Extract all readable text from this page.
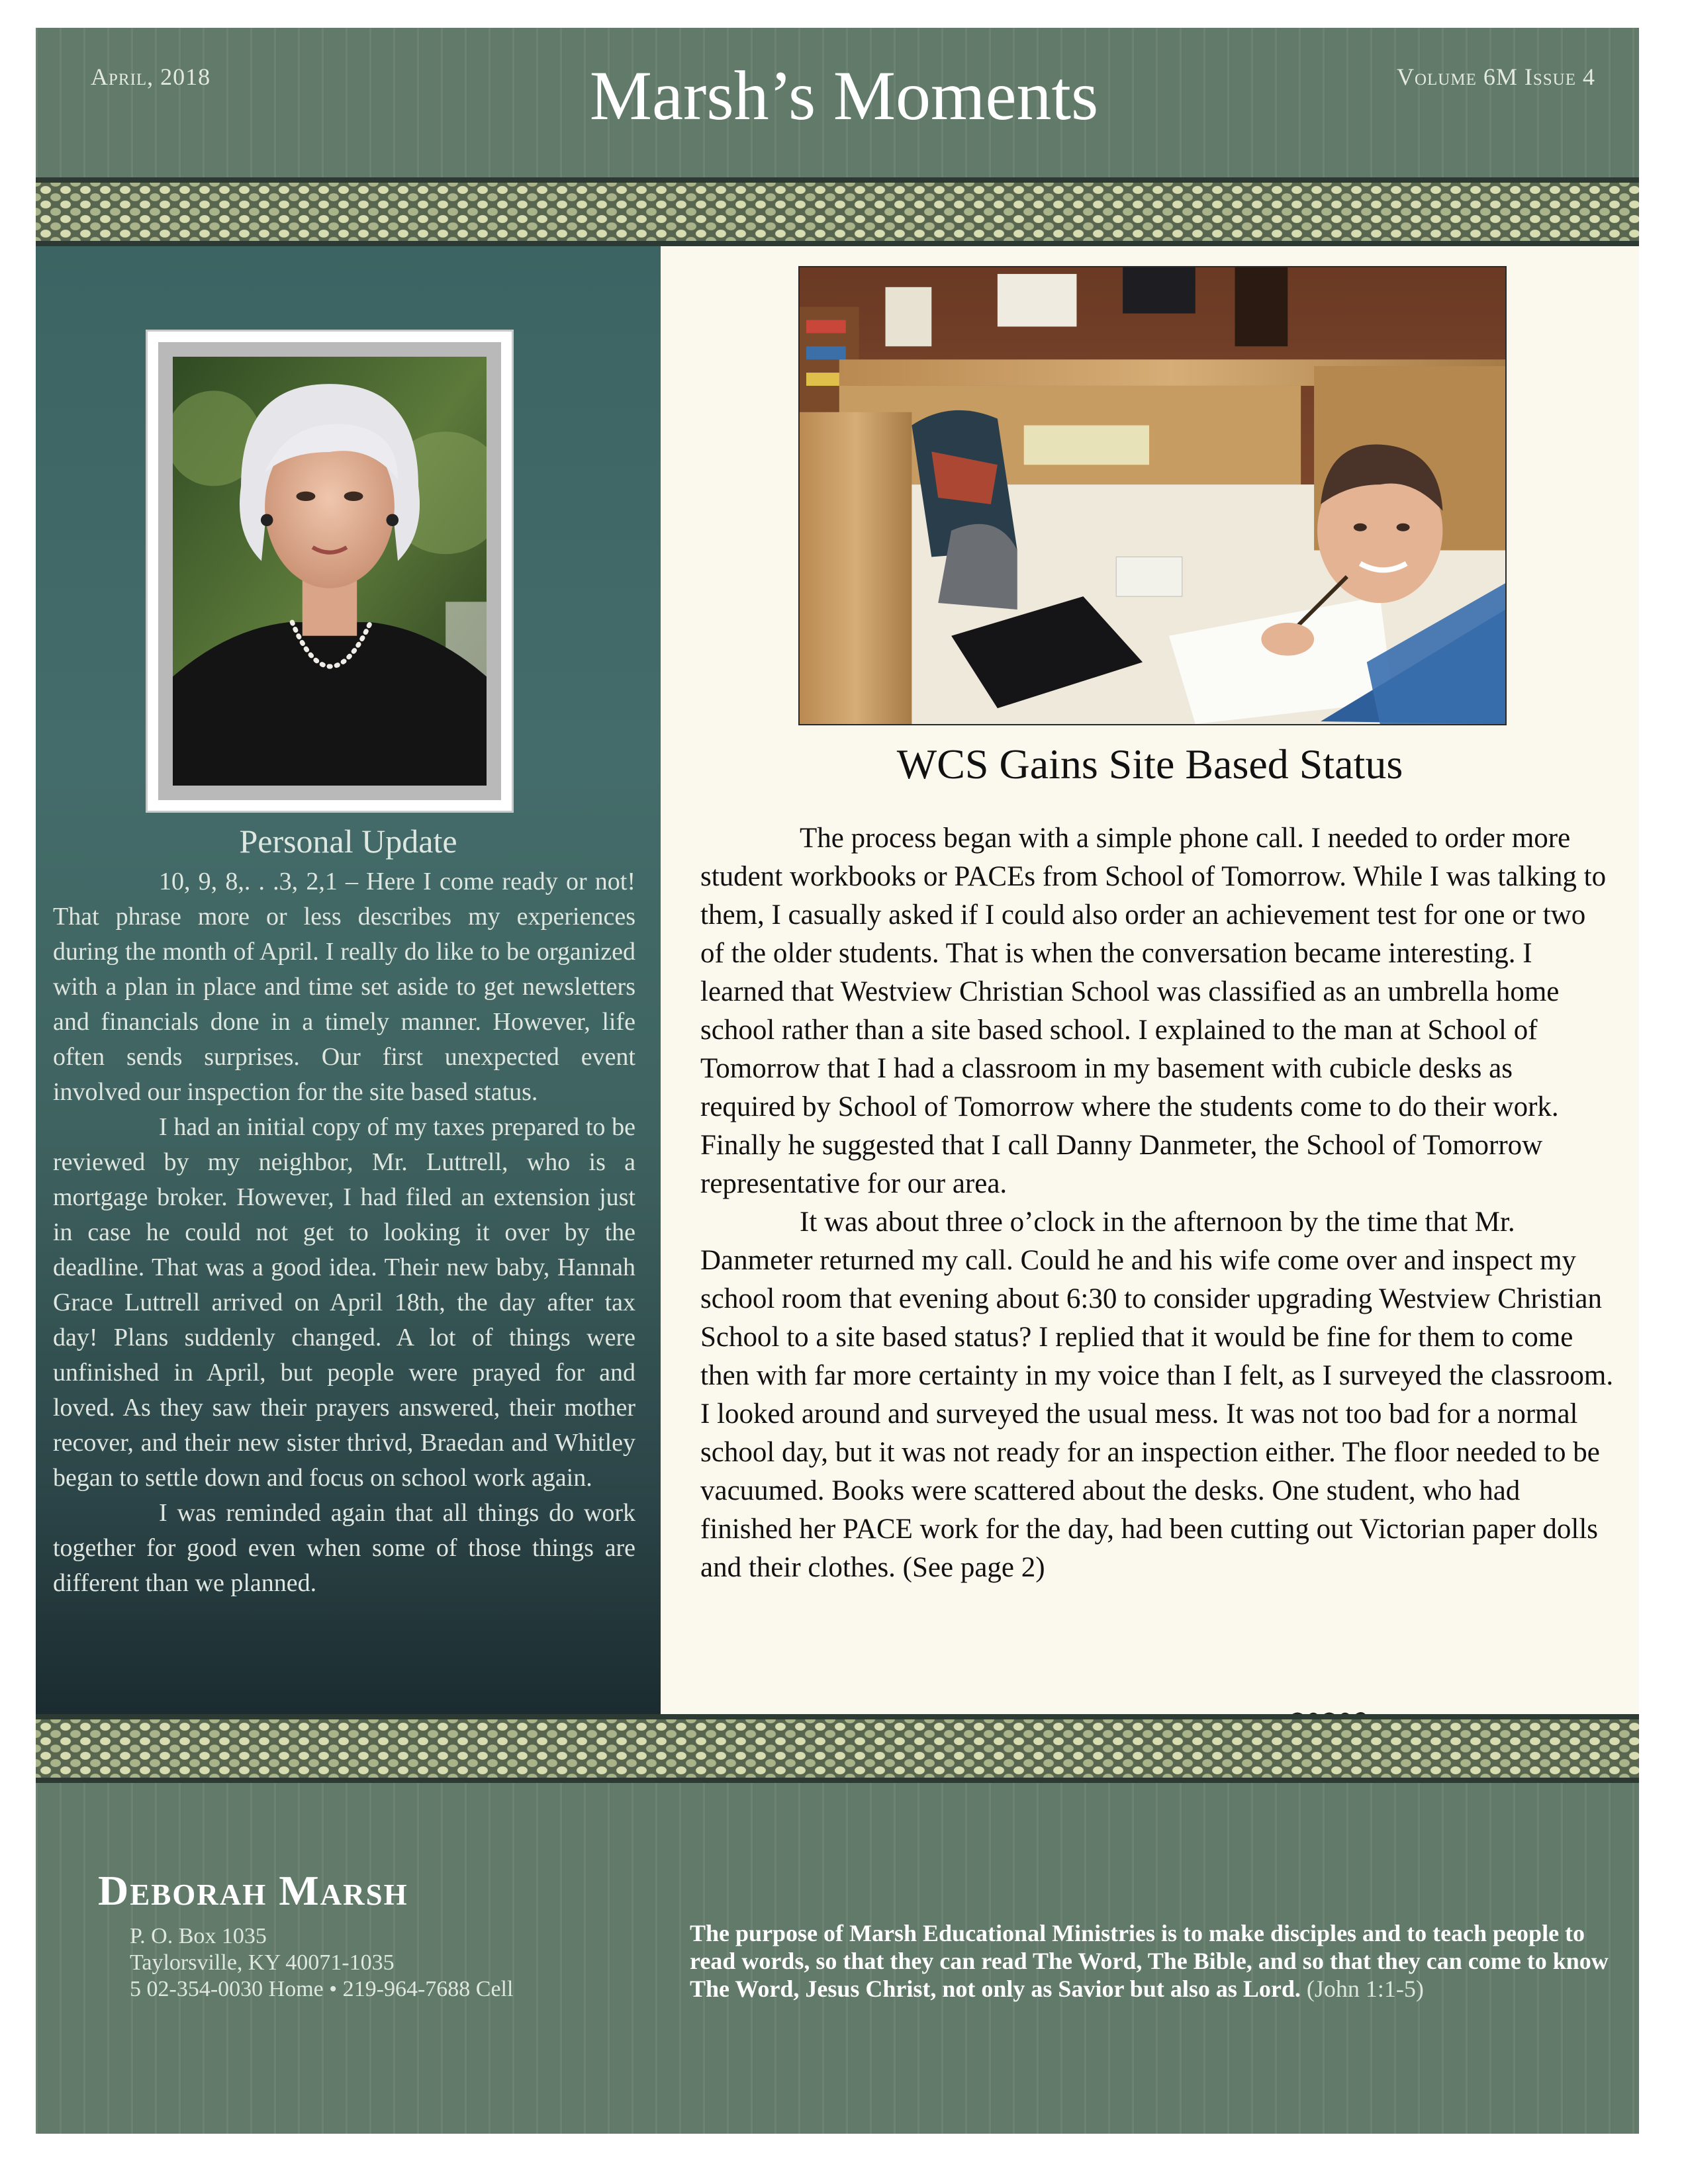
April, 2018	Marsh’s Moments	Volume 6M Issue 4
Personal Update

10, 9, 8,. . .3, 2,1 – Here I come ready or not! That phrase more or less describes my experiences during the month of April. I really do like to be organized with a plan in place and time set aside to get newsletters and financials done in a timely manner. However, life often sends surprises. Our first unexpected event involved our inspection for the site based status.

I had an initial copy of my taxes prepared to be reviewed by my neighbor, Mr. Luttrell, who is a mortgage broker. However, I had filed an extension just in case he could not get to looking it over by the deadline. That was a good idea. Their new baby, Hannah Grace Luttrell arrived on April 18th, the day after tax day! Plans suddenly changed. A lot of things were unfinished in April, but people were prayed for and loved. As they saw their prayers answered, their mother recover, and their new sister thrivd, Braedan and Whitley began to settle down and focus on school work again.

I was reminded again that all things do work together for good even when some of those things are different than we planned.

WCS Gains Site Based Status

The process began with a simple phone call. I needed to order more student workbooks or PACEs from School of Tomorrow. While I was talking to them, I casually asked if I could also order an achievement test for one or two of the older students. That is when the conversation became interesting. I learned that Westview Christian School was classified as an umbrella home school rather than a site based school. I explained to the man at School of Tomorrow that I had a classroom in my basement with cubicle desks as required by School of Tomorrow where the students come to do their work. Finally he suggested that I call Danny Danmeter, the School of Tomorrow representative for our area.

It was about three o’clock in the afternoon by the time that Mr. Danmeter returned my call. Could he and his wife come over and inspect my school room that evening about 6:30 to consider upgrading Westview Christian School to a site based status? I replied that it would be fine for them to come then with far more certainty in my voice than I felt, as I surveyed the classroom. I looked around and surveyed the usual mess. It was not too bad for a normal school day, but it was not ready for an inspection either. The floor needed to be vacuumed. Books were scattered about the desks. One student, who had finished her PACE work for the day, had been cutting out Victorian paper dolls and their clothes. (See page 2)

Deborah Marsh
P. O. Box 1035
Taylorsville, KY 40071-1035
5 02-354-0030 Home • 219-964-7688 Cell
The purpose of Marsh Educational Ministries is to make disciples and to teach people to read words, so that they can read The Word, The Bible, and so that they can come to know The Word, Jesus Christ, not only as Savior but also as Lord. (John 1:1-5)
